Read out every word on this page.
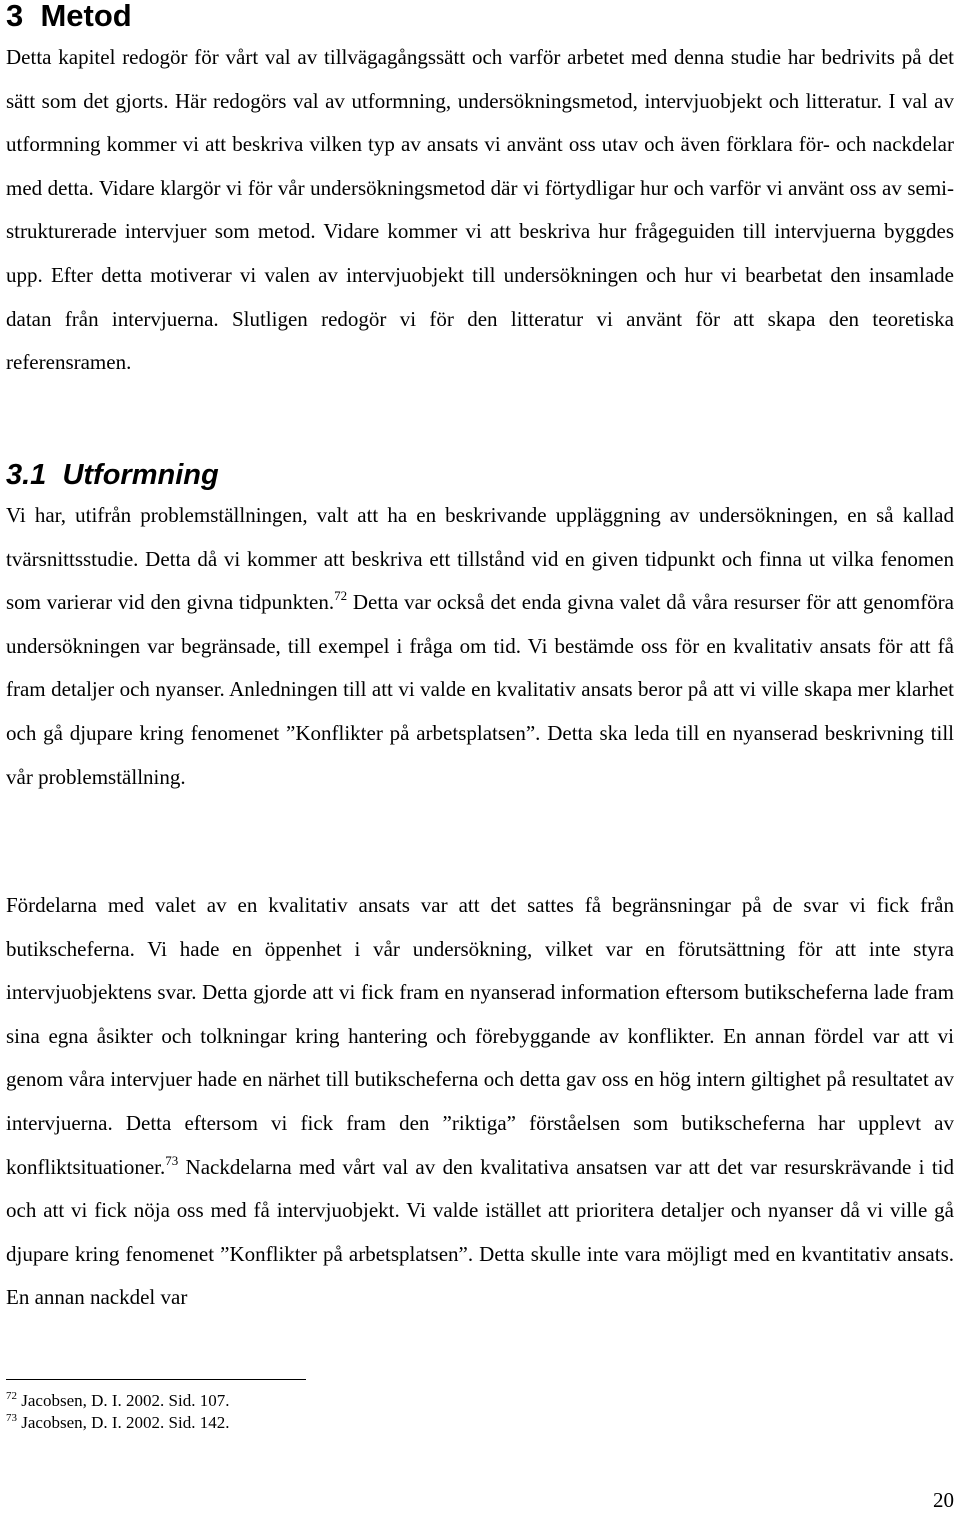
3 Metod

Detta kapitel redogör för vårt val av tillvägagångssätt och varför arbetet med denna studie har bedrivits på det sätt som det gjorts. Här redogörs val av utformning, undersökningsmetod, intervjuobjekt och litteratur. I val av utformning kommer vi att beskriva vilken typ av ansats vi använt oss utav och även förklara för- och nackdelar med detta. Vidare klargör vi för vår undersökningsmetod där vi förtydligar hur och varför vi använt oss av semi-strukturerade intervjuer som metod. Vidare kommer vi att beskriva hur frågeguiden till intervjuerna byggdes upp. Efter detta motiverar vi valen av intervjuobjekt till undersökningen och hur vi bearbetat den insamlade datan från intervjuerna. Slutligen redogör vi för den litteratur vi använt för att skapa den teoretiska referensramen.

3.1 Utformning

Vi har, utifrån problemställningen, valt att ha en beskrivande uppläggning av undersökningen, en så kallad tvärsnittsstudie. Detta då vi kommer att beskriva ett tillstånd vid en given tidpunkt och finna ut vilka fenomen som varierar vid den givna tidpunkten.$^{72}$ Detta var också det enda givna valet då våra resurser för att genomföra undersökningen var begränsade, till exempel i fråga om tid. Vi bestämde oss för en kvalitativ ansats för att få fram detaljer och nyanser. Anledningen till att vi valde en kvalitativ ansats beror på att vi ville skapa mer klarhet och gå djupare kring fenomenet ”Konflikter på arbetsplatsen”. Detta ska leda till en nyanserad beskrivning till vår problemställning.

Fördelarna med valet av en kvalitativ ansats var att det sattes få begränsningar på de svar vi fick från butikscheferna. Vi hade en öppenhet i vår undersökning, vilket var en förutsättning för att inte styra intervjuobjektens svar. Detta gjorde att vi fick fram en nyanserad information eftersom butikscheferna lade fram sina egna åsikter och tolkningar kring hantering och förebyggande av konflikter. En annan fördel var att vi genom våra intervjuer hade en närhet till butikscheferna och detta gav oss en hög intern giltighet på resultatet av intervjuerna. Detta eftersom vi fick fram den ”riktiga” förståelsen som butikscheferna har upplevt av konfliktsituationer.$^{73}$ Nackdelarna med vårt val av den kvalitativa ansatsen var att det var resurskrävande i tid och att vi fick nöja oss med få intervjuobjekt. Vi valde istället att prioritera detaljer och nyanser då vi ville gå djupare kring fenomenet ”Konflikter på arbetsplatsen”. Detta skulle inte vara möjligt med en kvantitativ ansats. En annan nackdel var

$^{72}$ Jacobsen, D. I. 2002. Sid. 107.
$^{73}$ Jacobsen, D. I. 2002. Sid. 142.
20
